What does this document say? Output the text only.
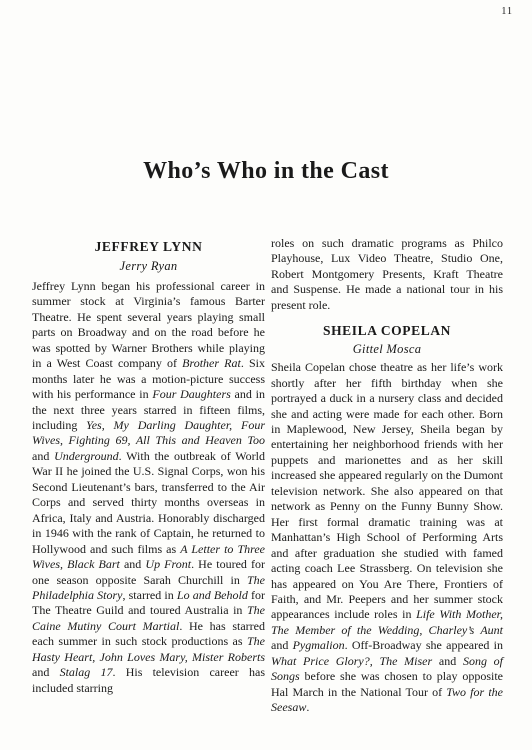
11
Who’s Who in the Cast
JEFFREY LYNN
Jerry Ryan

Jeffrey Lynn began his professional career in summer stock at Virginia’s famous Barter Theatre. He spent several years playing small parts on Broadway and on the road before he was spotted by Warner Brothers while playing in a West Coast company of Brother Rat. Six months later he was a motion-picture success with his performance in Four Daughters and in the next three years starred in fifteen films, including Yes, My Darling Daughter, Four Wives, Fighting 69, All This and Heaven Too and Underground. With the outbreak of World War II he joined the U.S. Signal Corps, won his Second Lieutenant’s bars, transferred to the Air Corps and served thirty months overseas in Africa, Italy and Austria. Honorably discharged in 1946 with the rank of Captain, he returned to Hollywood and such films as A Letter to Three Wives, Black Bart and Up Front. He toured for one season opposite Sarah Churchill in The Philadelphia Story, starred in Lo and Behold for The Theatre Guild and toured Australia in The Caine Mutiny Court Martial. He has starred each summer in such stock productions as The Hasty Heart, John Loves Mary, Mister Roberts and Stalag 17. His television career has included starring

roles on such dramatic programs as Philco Playhouse, Lux Video Theatre, Studio One, Robert Montgomery Presents, Kraft Theatre and Suspense. He made a national tour in his present role.

SHEILA COPELAN
Gittel Mosca

Sheila Copelan chose theatre as her life’s work shortly after her fifth birthday when she portrayed a duck in a nursery class and decided she and acting were made for each other. Born in Maplewood, New Jersey, Sheila began by entertaining her neighborhood friends with her puppets and marionettes and as her skill increased she appeared regularly on the Dumont television network. She also appeared on that network as Penny on the Funny Bunny Show. Her first formal dramatic training was at Manhattan’s High School of Performing Arts and after graduation she studied with famed acting coach Lee Strassberg. On television she has appeared on You Are There, Frontiers of Faith, and Mr. Peepers and her summer stock appearances include roles in Life With Mother, The Member of the Wedding, Charley’s Aunt and Pygmalion. Off-Broadway she appeared in What Price Glory?, The Miser and Song of Songs before she was chosen to play opposite Hal March in the National Tour of Two for the Seesaw.
